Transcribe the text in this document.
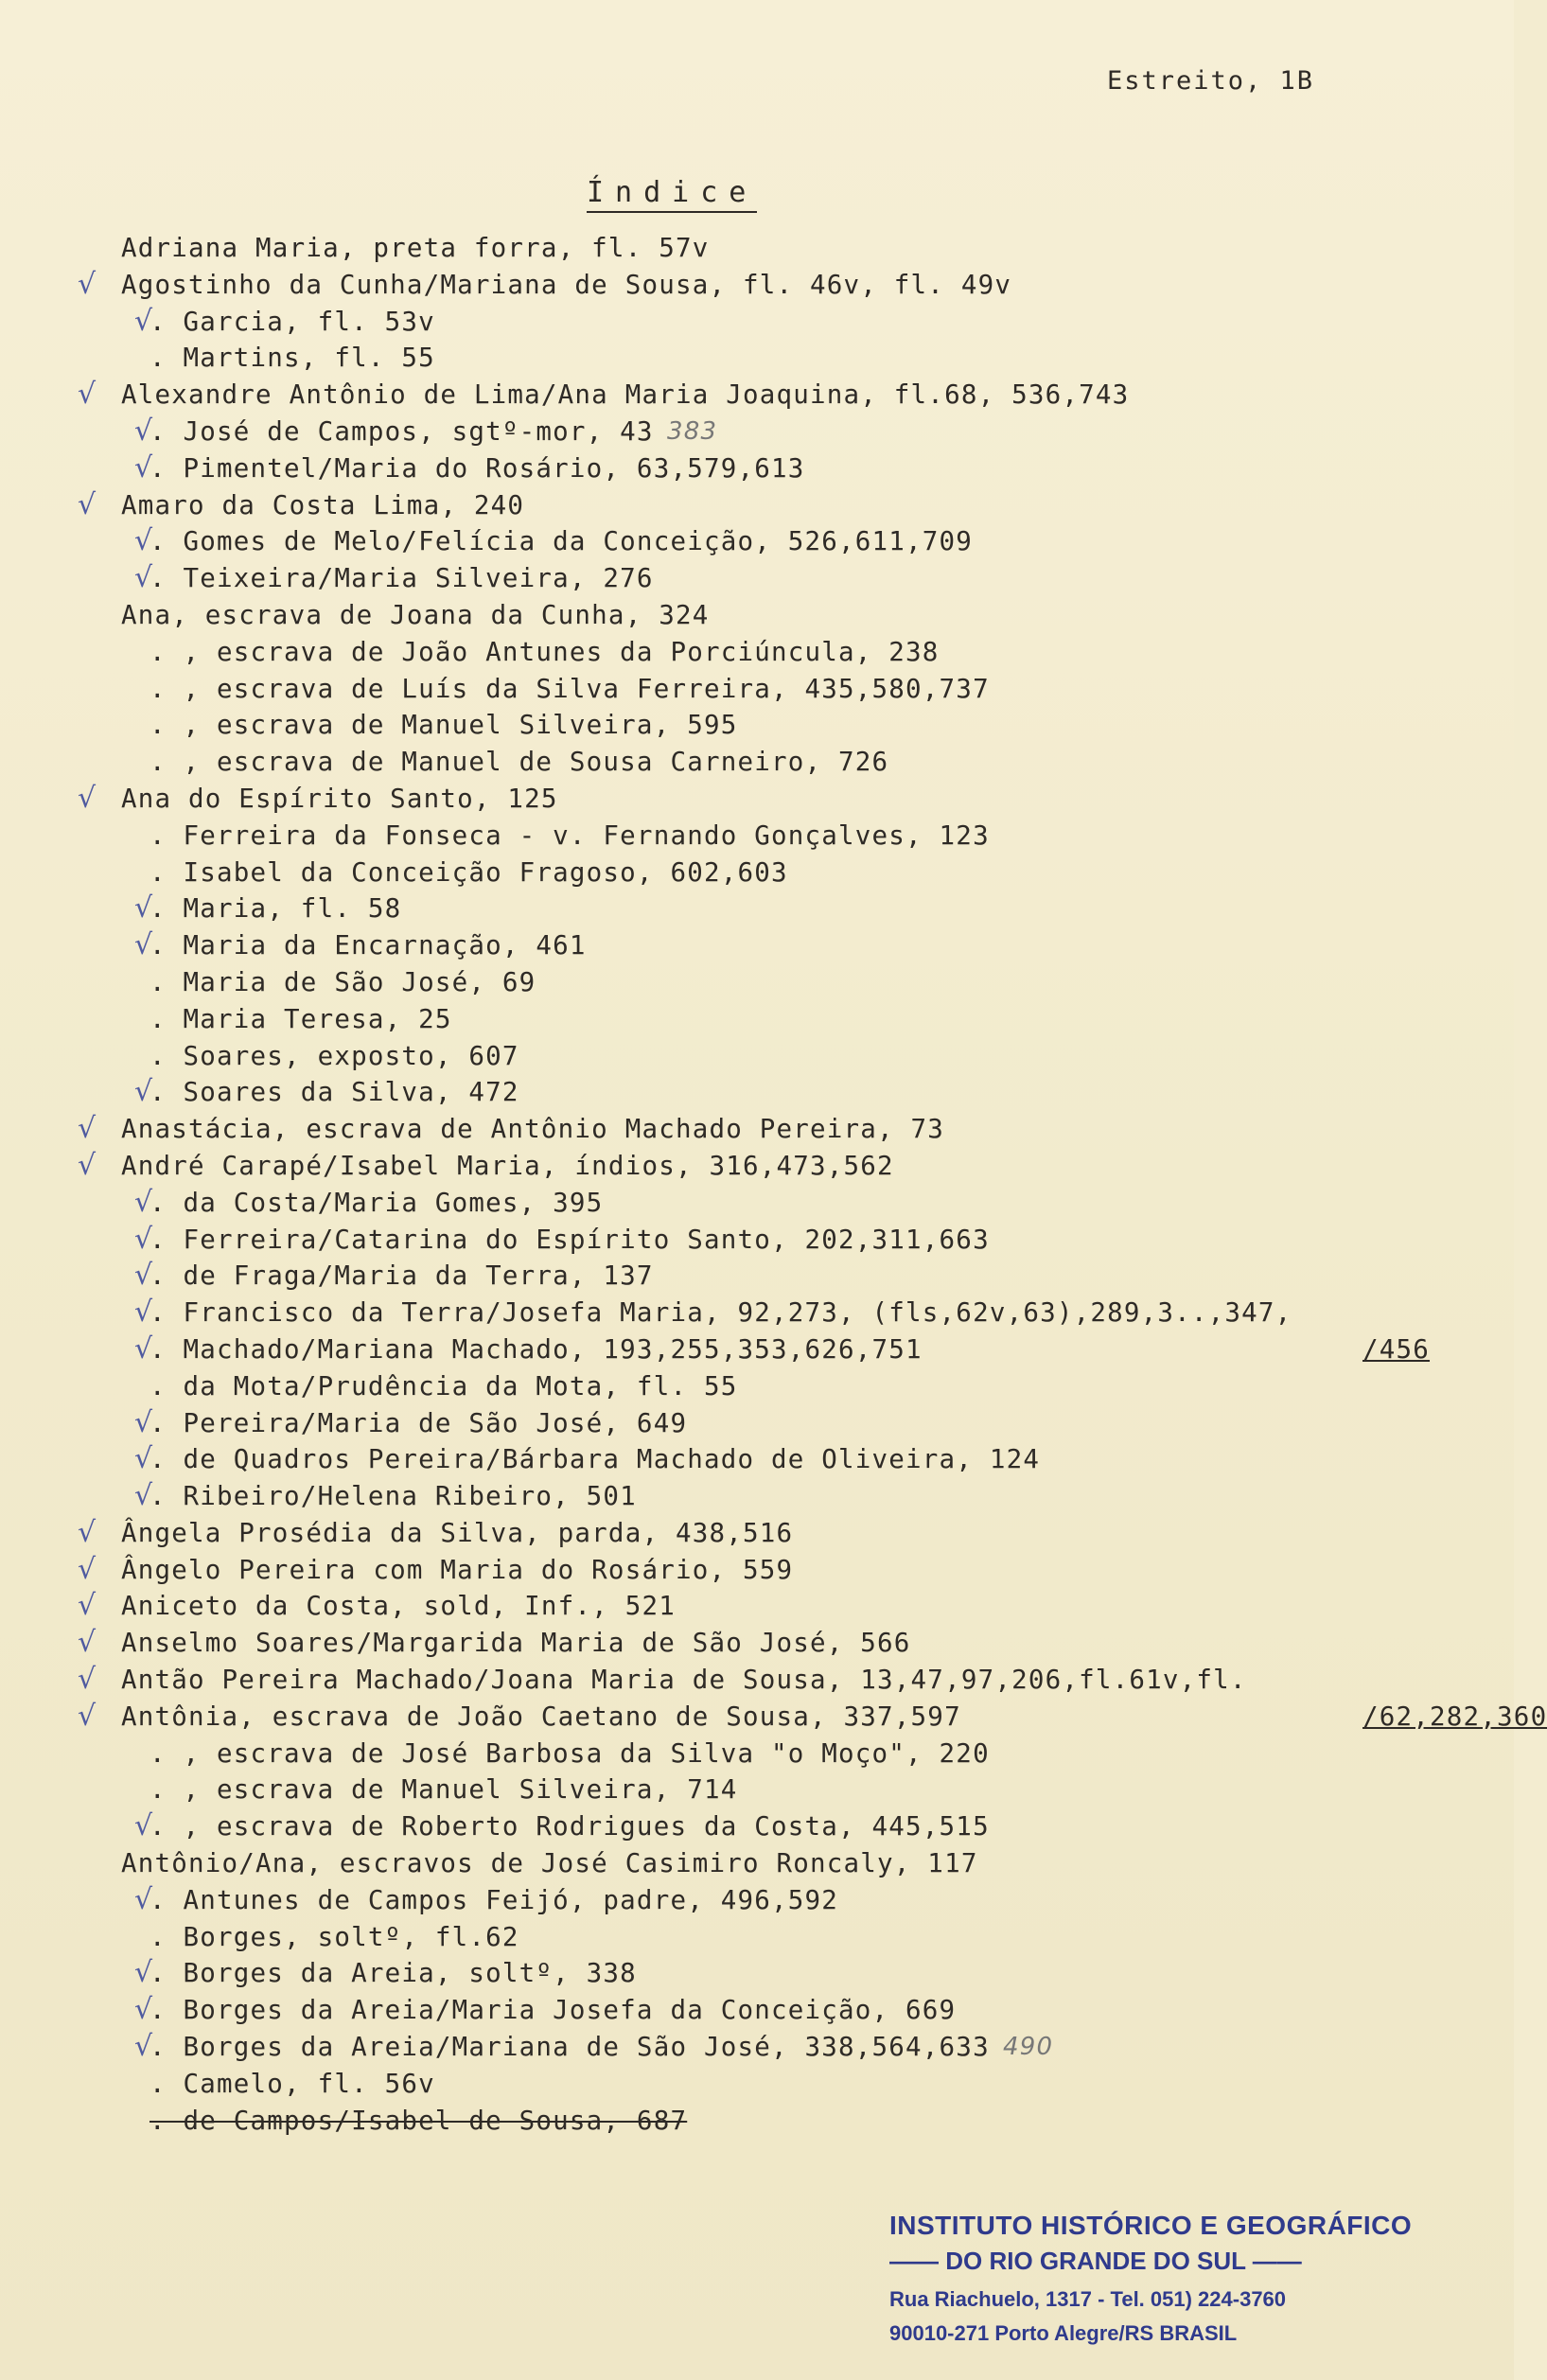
Estreito, 1B
Índice
Adriana Maria, preta forra, fl. 57v
√ Agostinho da Cunha/Mariana de Sousa, fl. 46v, fl. 49v
√
. Garcia, fl. 53v
. Martins, fl. 55
√ Alexandre Antônio de Lima/Ana Maria Joaquina, fl.68, 536,743
√
. José de Campos, sgtº-mor, 43 383
√
. Pimentel/Maria do Rosário, 63,579,613
√ Amaro da Costa Lima, 240
√
. Gomes de Melo/Felícia da Conceição, 526,611,709
√
. Teixeira/Maria Silveira, 276
Ana, escrava de Joana da Cunha, 324
. , escrava de João Antunes da Porciúncula, 238
. , escrava de Luís da Silva Ferreira, 435,580,737
. , escrava de Manuel Silveira, 595
. , escrava de Manuel de Sousa Carneiro, 726
√ Ana do Espírito Santo, 125
. Ferreira da Fonseca - v. Fernando Gonçalves, 123
. Isabel da Conceição Fragoso, 602,603
√
. Maria, fl. 58
√
. Maria da Encarnação, 461
. Maria de São José, 69
. Maria Teresa, 25
. Soares, exposto, 607
√
. Soares da Silva, 472
√ Anastácia, escrava de Antônio Machado Pereira, 73
√ André Carapé/Isabel Maria, índios, 316,473,562
√
. da Costa/Maria Gomes, 395
√
. Ferreira/Catarina do Espírito Santo, 202,311,663
√
. de Fraga/Maria da Terra, 137
√
. Francisco da Terra/Josefa Maria, 92,273, (fls,62v,63),289,3..,347,
√
. Machado/Mariana Machado, 193,255,353,626,751	/456
. da Mota/Prudência da Mota, fl. 55
√
. Pereira/Maria de São José, 649
√
. de Quadros Pereira/Bárbara Machado de Oliveira, 124
√
. Ribeiro/Helena Ribeiro, 501
√ Ângela Prosédia da Silva, parda, 438,516
√ Ângelo Pereira com Maria do Rosário, 559
√ Aniceto da Costa, sold, Inf., 521
√ Anselmo Soares/Margarida Maria de São José, 566
√ Antão Pereira Machado/Joana Maria de Sousa, 13,47,97,206,fl.61v,fl.
√ Antônia, escrava de João Caetano de Sousa, 337,597	/62,282,360
. , escrava de José Barbosa da Silva "o Moço", 220
. , escrava de Manuel Silveira, 714
√
. , escrava de Roberto Rodrigues da Costa, 445,515
Antônio/Ana, escravos de José Casimiro Roncaly, 117
√
. Antunes de Campos Feijó, padre, 496,592
. Borges, soltº, fl.62
√
. Borges da Areia, soltº, 338
√
. Borges da Areia/Maria Josefa da Conceição, 669
√
. Borges da Areia/Mariana de São José, 338,564,633 490
. Camelo, fl. 56v
. de Campos/Isabel de Sousa, 687
INSTITUTO HISTÓRICO E GEOGRÁFICO
—— DO RIO GRANDE DO SUL ——
Rua Riachuelo, 1317 - Tel. 051) 224-3760
90010-271 Porto Alegre/RS BRASIL
